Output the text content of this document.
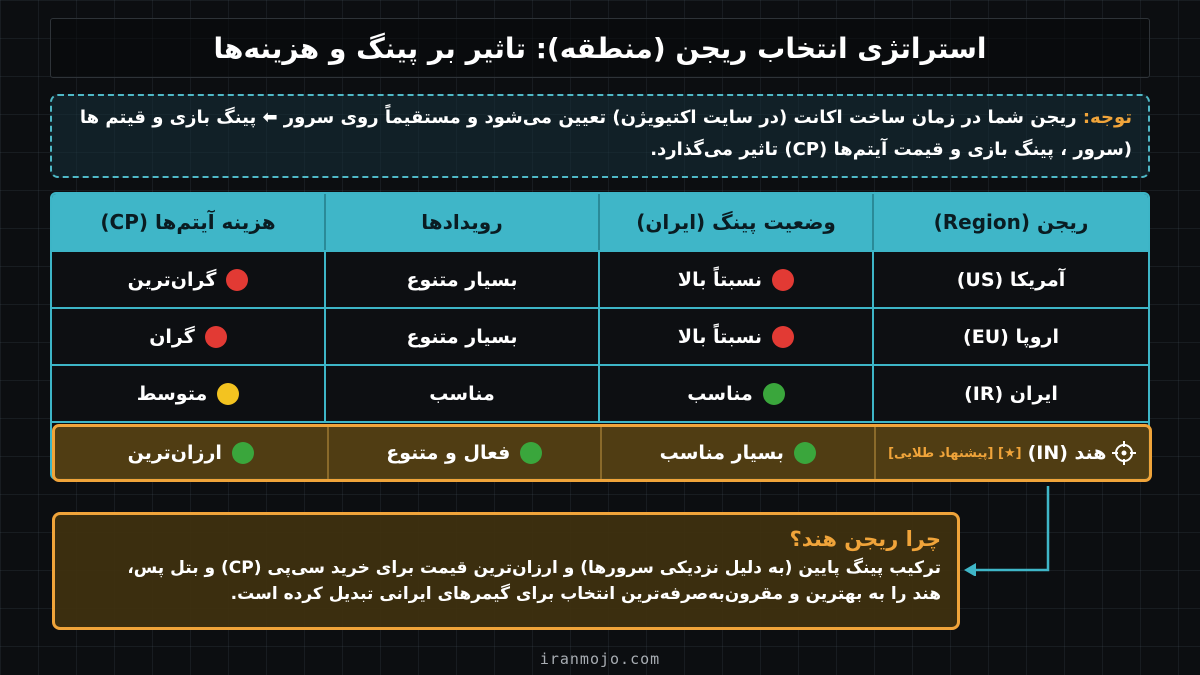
استراتژی انتخاب ریجن (منطقه): تاثیر بر پینگ و هزینه‌ها
توجه: ریجن شما در زمان ساخت اکانت (در سایت اکتیویژن) تعیین می‌شود و مستقیماً روی سرور ⬅ پینگ بازی و قیتم ها (سرور ، پینگ بازی و قیمت آیتم‌ها (CP) تاثیر می‌گذارد.
ریجن (Region)
وضعیت پینگ (ایران)
رویدادها
هزینه آیتم‌ها (CP)
آمریکا (US)
نسبتاً بالا
بسیار متنوع
گران‌ترین
اروپا (EU)
نسبتاً بالا
بسیار متنوع
گران
ایران (IR)
مناسب
مناسب
متوسط
هند (IN)
[★] [پیشنهاد طلایی]
بسیار مناسب
فعال و متنوع
ارزان‌ترین
چرا ریجن هند؟
ترکیب پینگ پایین (به دلیل نزدیکی سرورها) و ارزان‌ترین قیمت برای خرید سی‌پی (CP) و بتل پس،
هند را به بهترین و مقرون‌به‌صرفه‌ترین انتخاب برای گیمرهای ایرانی تبدیل کرده است.
iranmojo.com
